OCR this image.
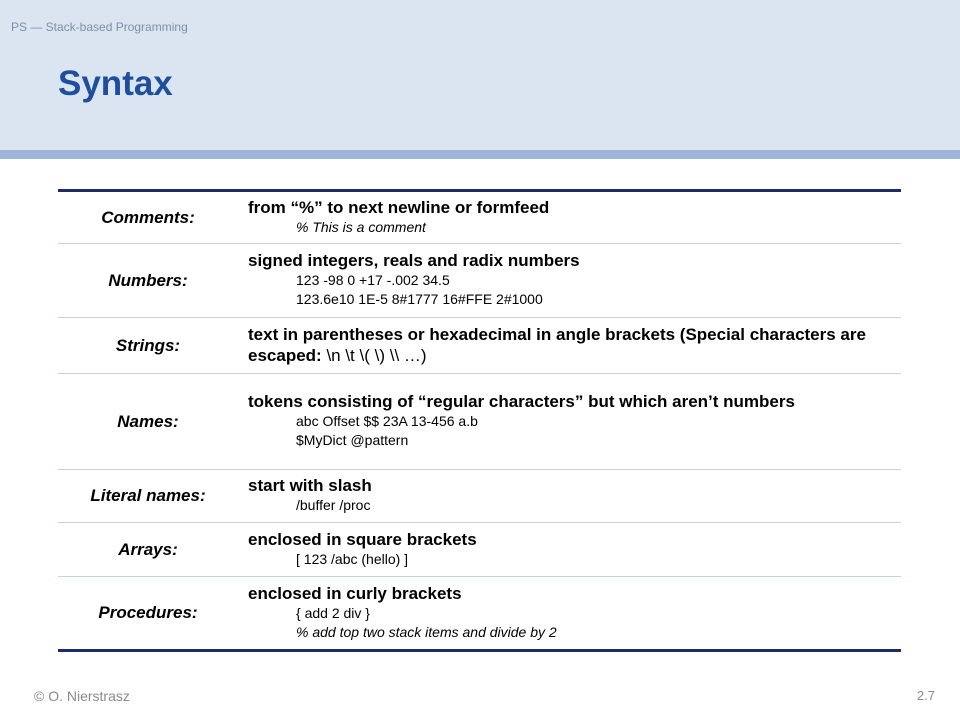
PS — Stack-based Programming
Syntax
Comments:	from “%” to next newline or formfeed
% This is a comment

Numbers:	signed integers, reals and radix numbers
123 -98 0 +17 -.002 34.5
123.6e10 1E-5 8#1777 16#FFE 2#1000

Strings:	text in parentheses or hexadecimal in angle brackets (Special characters are escaped: \n \t \( \) \\ …)

Names:	tokens consisting of “regular characters” but which aren’t numbers
abc Offset $$ 23A 13-456 a.b
$MyDict @pattern

Literal names:	start with slash
/buffer /proc

Arrays:	enclosed in square brackets
[ 123 /abc (hello) ]

Procedures:	enclosed in curly brackets
{ add 2 div }
% add top two stack items and divide by 2
© O. Nierstrasz	2.7
